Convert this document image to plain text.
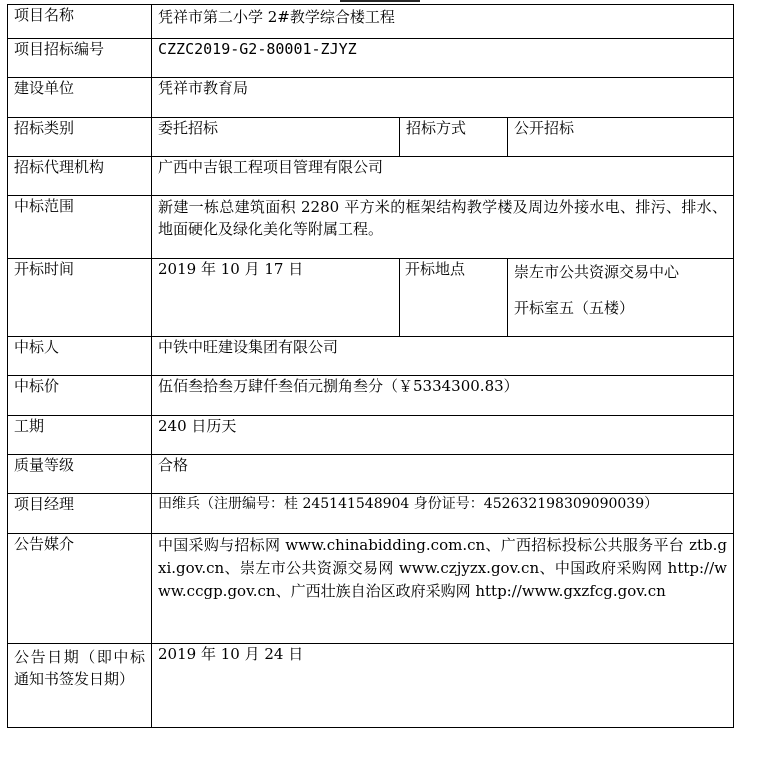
项目名称	凭祥市第二小学 2#教学综合楼工程		
项目招标编号	CZZC2019-G2-80001-ZJYZ		
建设单位	凭祥市教育局		
招标类别	委托招标	招标方式	公开招标
招标代理机构	广西中吉银工程项目管理有限公司		
中标范围	新建一栋总建筑面积 2280 平方米的框架结构教学楼及周边外接水电、排污、排水、地面硬化及绿化美化等附属工程。		
开标时间	2019 年 10 月 17 日	开标地点	崇左市公共资源交易中心
开标室五（五楼）

中标人	中铁中旺建设集团有限公司		
中标价	伍佰叁拾叁万肆仟叁佰元捌角叁分（￥5334300.83）		
工期	240 日历天		
质量等级	合格		
项目经理	田维兵（注册编号：桂 245141548904 身份证号：452632198309090039）		
公告媒介	中国采购与招标网 www.chinabidding.com.cn、广西招标投标公共服务平台 ztb.gxi.gov.cn、崇左市公共资源交易网 www.czjyzx.gov.cn、中国政府采购网 http://www.ccgp.gov.cn、广西壮族自治区政府采购网 http://www.gxzfcg.gov.cn		
公告日期（即中标通知书签发日期）	2019 年 10 月 24 日		
